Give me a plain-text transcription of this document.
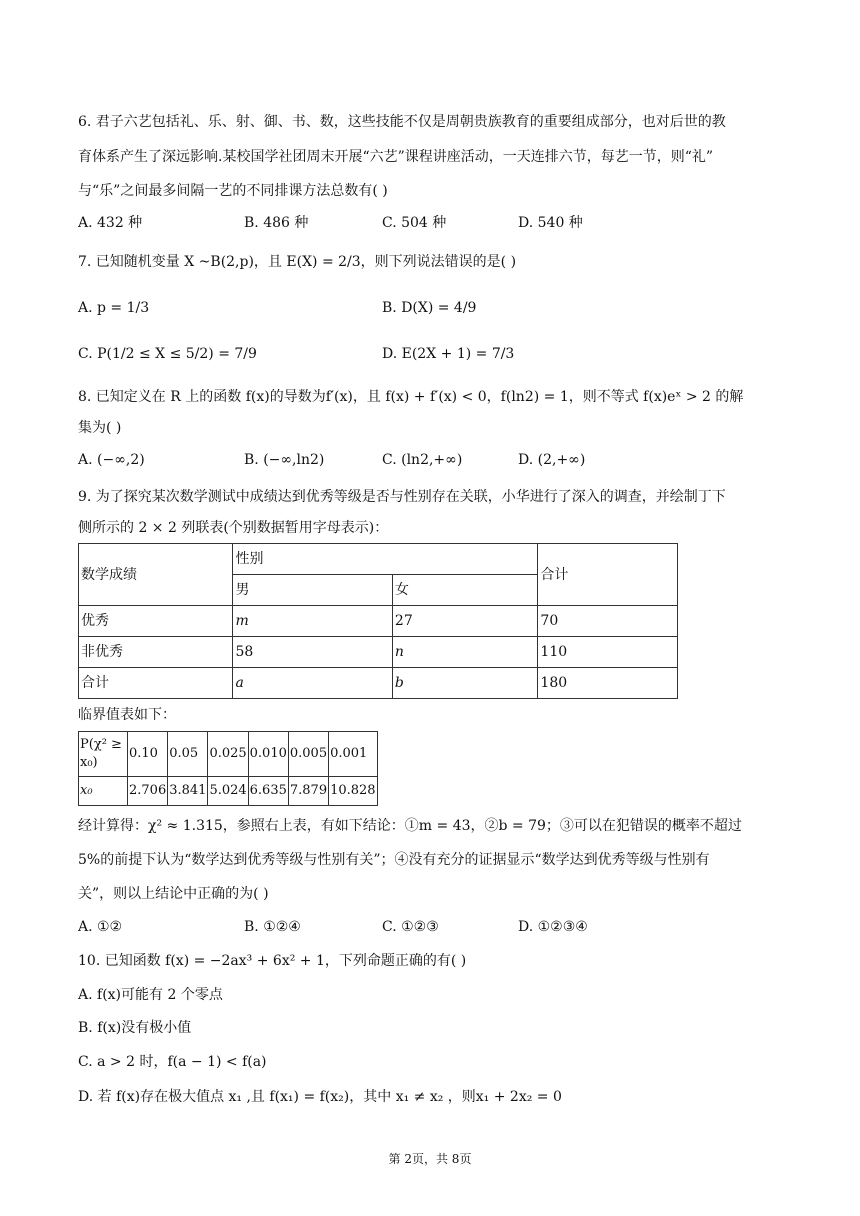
6. 君子六艺包括礼、乐、射、御、书、数，这些技能不仅是周朝贵族教育的重要组成部分，也对后世的教
育体系产生了深远影响.某校国学社团周末开展“六艺”课程讲座活动，一天连排六节，每艺一节，则“礼”
与“乐”之间最多间隔一艺的不同排课方法总数有( )
A. 432 种	B. 486 种	C. 504 种	D. 540 种
7. 已知随机变量 X ~B(2,p)，且 E(X) = 2/3，则下列说法错误的是( )
A. p = 1/3	B. D(X) = 4/9
C. P(1/2 ≤ X ≤ 5/2) = 7/9	D. E(2X + 1) = 7/3
8. 已知定义在 R 上的函数 f(x)的导数为f′(x)，且 f(x) + f′(x) < 0，f(ln2) = 1，则不等式 f(x)eˣ > 2 的解
集为( )
A. (−∞,2)	B. (−∞,ln2)	C. (ln2,+∞)	D. (2,+∞)
9. 为了探究某次数学测试中成绩达到优秀等级是否与性别存在关联，小华进行了深入的调查，并绘制丁下
侧所示的 2 × 2 列联表(个别数据暂用字母表示)：
数学成绩	性别		合计
	男	女	
优秀	m	27	70
非优秀	58	n	110
合计	a	b	180
临界值表如下：
P(χ² ≥ x₀)	0.10	0.05	0.025	0.010	0.005	0.001
x₀	2.706	3.841	5.024	6.635	7.879	10.828
经计算得：χ² ≈ 1.315，参照右上表，有如下结论：①m = 43，②b = 79；③可以在犯错误的概率不超过
5%的前提下认为“数学达到优秀等级与性别有关”；④没有充分的证据显示“数学达到优秀等级与性别有
关”，则以上结论中正确的为( )
A. ①②	B. ①②④	C. ①②③	D. ①②③④
10. 已知函数 f(x) = −2ax³ + 6x² + 1，下列命题正确的有( )
A. f(x)可能有 2 个零点
B. f(x)没有极小值
C. a > 2 时，f(a − 1) < f(a)
D. 若 f(x)存在极大值点 x₁ ,且 f(x₁) = f(x₂)，其中 x₁ ≠ x₂ ，则x₁ + 2x₂ = 0
第 2页，共 8页
